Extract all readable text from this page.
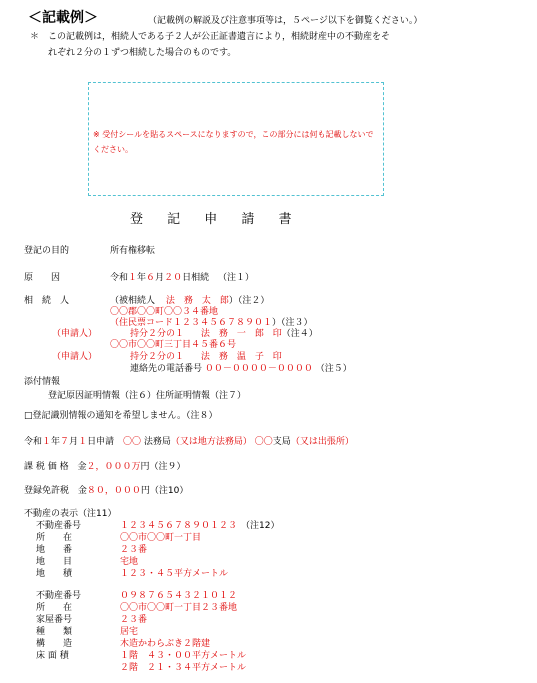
＜記載例＞	（記載例の解説及び注意事項等は，５ページ以下を御覧ください。）
＊ この記載例は，相続人である子２人が公正証書遺言により，相続財産中の不動産をそ
れぞれ２分の１ずつ相続した場合のものです。
※ 受付シールを貼るスペースになりますので，この部分には何も記載しないでください。
登 記 申 請 書
登記の目的	所有権移転
原　　因	令和１年６月２０日相続 （注１）
相　続　人	（被相続人 法　務　太　郎）（注２）
〇〇郡〇〇町〇〇３４番地
（住民票コード１２３４５６７８９０１）（注３）
（申請人）	持分２分の１ 法　務　一　郎 印（注４）
〇〇市〇〇町三丁目４５番６号
（申請人）	持分２分の１ 法　務　温　子 印
連絡先の電話番号 ００－００００－００００ （注５）
添付情報
登記原因証明情報（注６）住所証明情報（注７）
□登記識別情報の通知を希望しません。（注８）
令和１年７月１日申請 〇〇 法務局（又は地方法務局） 〇〇支局（又は出張所）
課 税 価 格 金２，０００万円（注９）
登録免許税 金８０，０００円（注10）
不動産の表示（注11）
不動産番号	１２３４５６７８９０１２３ （注12）
所　　在	〇〇市〇〇町一丁目
地　　番	２３番
地　　目	宅地
地　　積	１２３・４５平方メートル
不動産番号	０９８７６５４３２１０１２
所　　在	〇〇市〇〇町一丁目２３番地
家屋番号	２３番
種　　類	居宅
構　　造	木造かわらぶき２階建
床 面 積	１階　４３・００平方メートル
２階　２１・３４平方メートル
